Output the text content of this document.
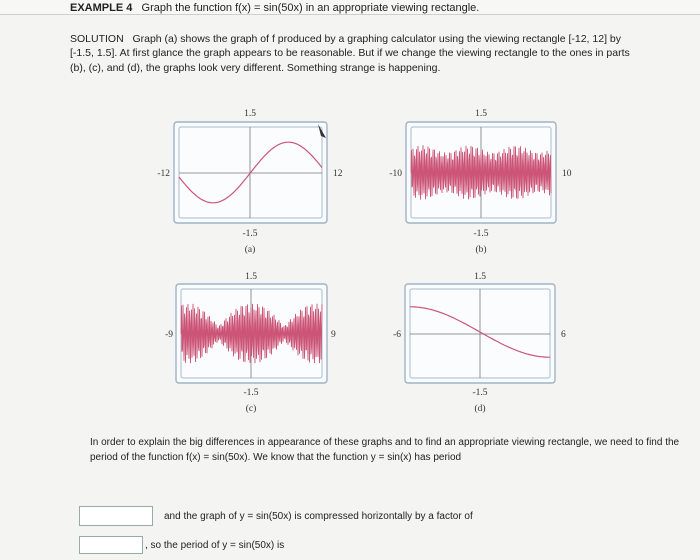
EXAMPLE 4 Graph the function f(x) = sin(50x) in an appropriate viewing rectangle.
SOLUTION Graph (a) shows the graph of f produced by a graphing calculator using the viewing rectangle [-12, 12] by [-1.5, 1.5]. At first glance the graph appears to be reasonable. But if we change the viewing rectangle to the ones in parts (b), (c), and (d), the graphs look very different. Something strange is happening.
1.5
-1.5
-12	12
(a)
1.5
-1.5
-10	10
(b)
1.5
-1.5
-9	9
(c)
1.5
-1.5
-6	6
(d)
In order to explain the big differences in appearance of these graphs and to find an appropriate viewing rectangle, we need to find the period of the function f(x) = sin(50x). We know that the function y = sin(x) has period
and the graph of y = sin(50x) is compressed horizontally by a factor of
, so the period of y = sin(50x) is
